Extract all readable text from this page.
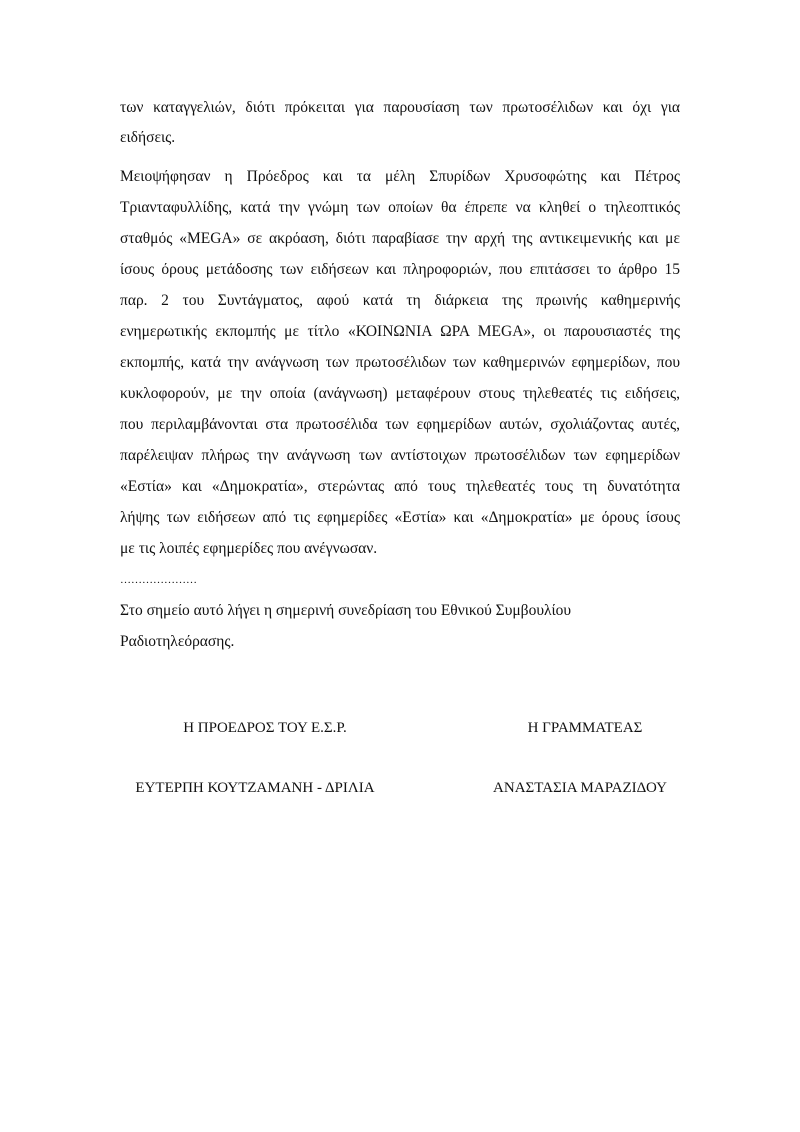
των καταγγελιών, διότι πρόκειται για παρουσίαση των πρωτοσέλιδων και όχι για
ειδήσεις.
Μειοψήφησαν η Πρόεδρος και τα μέλη Σπυρίδων Χρυσοφώτης και Πέτρος
Τριανταφυλλίδης, κατά την γνώμη των οποίων θα έπρεπε να κληθεί ο τηλεοπτικός
σταθμός «MEGA» σε ακρόαση, διότι παραβίασε την αρχή της αντικειμενικής και με
ίσους όρους μετάδοσης των ειδήσεων και πληροφοριών, που επιτάσσει το άρθρο 15
παρ. 2 του Συντάγματος, αφού κατά τη διάρκεια της πρωινής καθημερινής
ενημερωτικής εκπομπής με τίτλο «ΚΟΙΝΩΝΙΑ ΩΡΑ MEGA», οι παρουσιαστές της
εκπομπής, κατά την ανάγνωση των πρωτοσέλιδων των καθημερινών εφημερίδων, που
κυκλοφορούν, με την οποία (ανάγνωση) μεταφέρουν στους τηλεθεατές τις ειδήσεις,
που περιλαμβάνονται στα πρωτοσέλιδα των εφημερίδων αυτών, σχολιάζοντας αυτές,
παρέλειψαν πλήρως την ανάγνωση των αντίστοιχων πρωτοσέλιδων των εφημερίδων
«Εστία» και «Δημοκρατία», στερώντας από τους τηλεθεατές τους τη δυνατότητα
λήψης των ειδήσεων από τις εφημερίδες «Εστία» και «Δημοκρατία» με όρους ίσους
με τις λοιπές εφημερίδες που ανέγνωσαν.
…………………
Στο σημείο αυτό λήγει η σημερινή συνεδρίαση του Εθνικού Συμβουλίου
Ραδιοτηλεόρασης.
Η ΠΡΟΕΔΡΟΣ ΤΟΥ Ε.Σ.Ρ.	Η ΓΡΑΜΜΑΤΕΑΣ
ΕΥΤΕΡΠΗ ΚΟΥΤΖΑΜΑΝΗ - ΔΡΙΛΙΑ	ΑΝΑΣΤΑΣΙΑ ΜΑΡΑΖΙΔΟΥ
